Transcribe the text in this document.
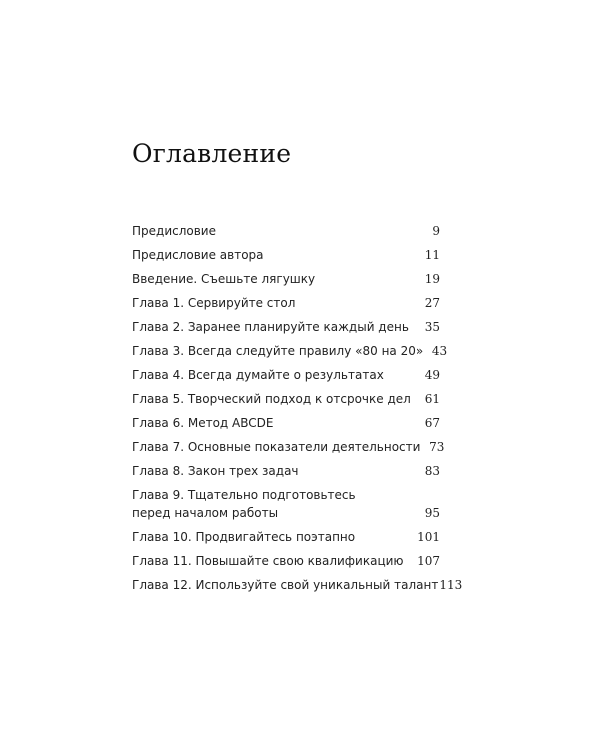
Оглавление
Предисловие	9
Предисловие автора	11
Введение. Съешьте лягушку	19
Глава 1. Сервируйте стол	27
Глава 2. Заранее планируйте каждый день	35
Глава 3. Всегда следуйте правилу «80 на 20» 43
Глава 4. Всегда думайте о результатах	49
Глава 5. Творческий подход к отсрочке дел	61
Глава 6. Метод ABCDE	67
Глава 7. Основные показатели деятельности 73
Глава 8. Закон трех задач	83
Глава 9. Тщательно подготовьтесь
перед началом работы	95
Глава 10. Продвигайтесь поэтапно	101
Глава 11. Повышайте свою квалификацию 107
Глава 12. Используйте свой уникальный талант 113
